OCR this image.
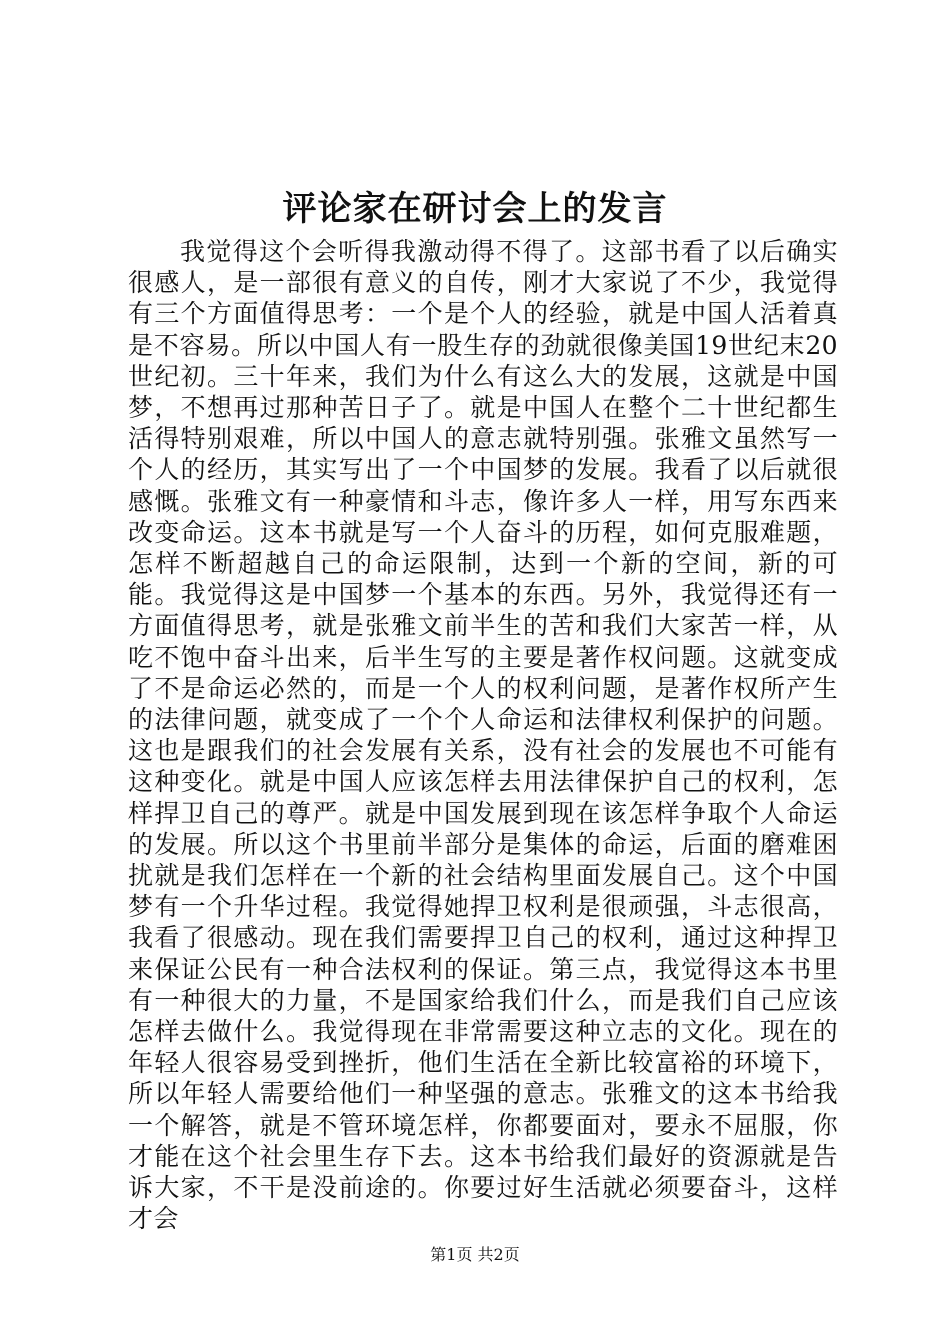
评论家在研讨会上的发言

我觉得这个会听得我激动得不得了。这部书看了以后确实很感人，是一部很有意义的自传，刚才大家说了不少，我觉得有三个方面值得思考：一个是个人的经验，就是中国人活着真是不容易。所以中国人有一股生存的劲就很像美国19世纪末20世纪初。三十年来，我们为什么有这么大的发展，这就是中国梦，不想再过那种苦日子了。就是中国人在整个二十世纪都生活得特别艰难，所以中国人的意志就特别强。张雅文虽然写一个人的经历，其实写出了一个中国梦的发展。我看了以后就很感慨。张雅文有一种豪情和斗志，像许多人一样，用写东西来改变命运。这本书就是写一个人奋斗的历程，如何克服难题，怎样不断超越自己的命运限制，达到一个新的空间，新的可能。我觉得这是中国梦一个基本的东西。另外，我觉得还有一方面值得思考，就是张雅文前半生的苦和我们大家苦一样，从吃不饱中奋斗出来，后半生写的主要是著作权问题。这就变成了不是命运必然的，而是一个人的权利问题，是著作权所产生的法律问题，就变成了一个个人命运和法律权利保护的问题。这也是跟我们的社会发展有关系，没有社会的发展也不可能有这种变化。就是中国人应该怎样去用法律保护自己的权利，怎样捍卫自己的尊严。就是中国发展到现在该怎样争取个人命运的发展。所以这个书里前半部分是集体的命运，后面的磨难困扰就是我们怎样在一个新的社会结构里面发展自己。这个中国梦有一个升华过程。我觉得她捍卫权利是很顽强，斗志很高，我看了很感动。现在我们需要捍卫自己的权利，通过这种捍卫来保证公民有一种合法权利的保证。第三点，我觉得这本书里有一种很大的力量，不是国家给我们什么，而是我们自己应该怎样去做什么。我觉得现在非常需要这种立志的文化。现在的年轻人很容易受到挫折，他们生活在全新比较富裕的环境下，所以年轻人需要给他们一种坚强的意志。张雅文的这本书给我一个解答，就是不管环境怎样，你都要面对，要永不屈服，你才能在这个社会里生存下去。这本书给我们最好的资源就是告诉大家，不干是没前途的。你要过好生活就必须要奋斗，这样才会

第1页 共2页
